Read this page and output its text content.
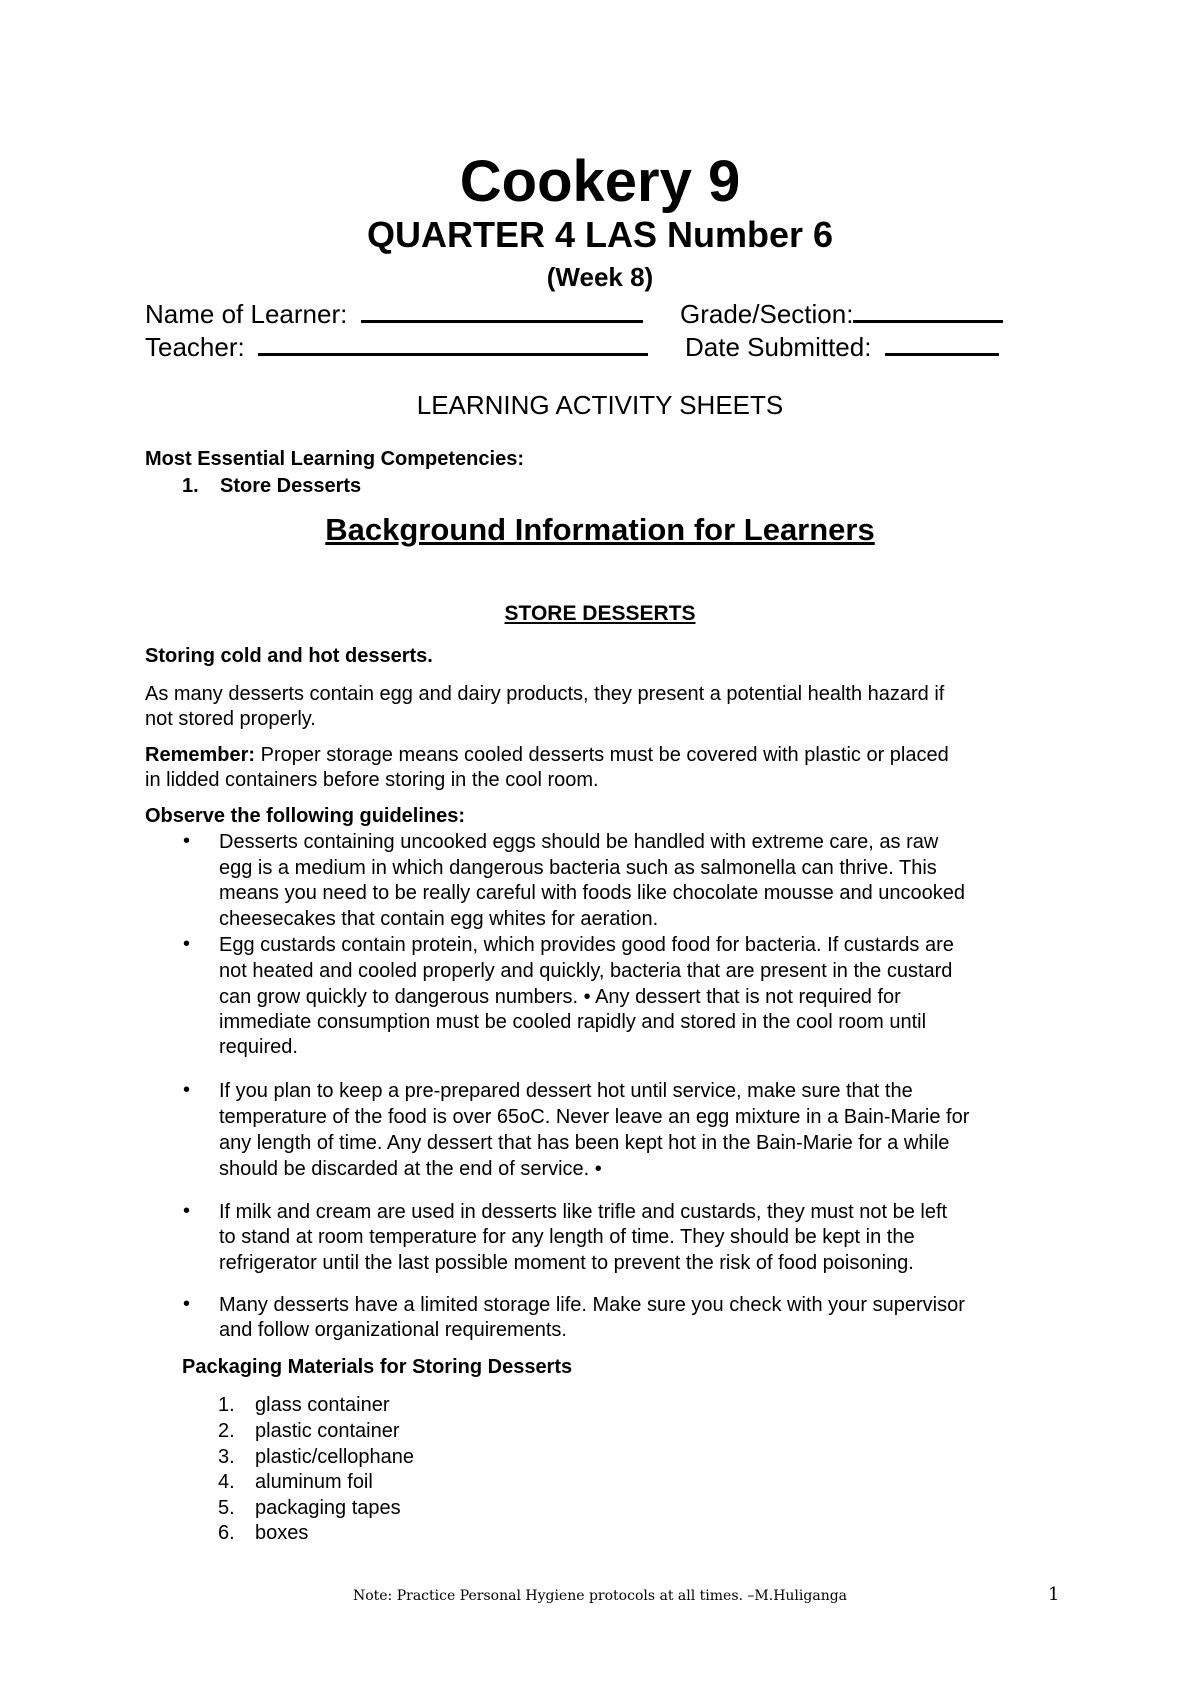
Cookery 9
QUARTER 4 LAS Number 6
(Week 8)
Name of Learner:	Grade/Section:
Teacher:	Date Submitted:
LEARNING ACTIVITY SHEETS
Most Essential Learning Competencies:
1. Store Desserts
Background Information for Learners
STORE DESSERTS
Storing cold and hot desserts.
As many desserts contain egg and dairy products, they present a potential health hazard if
not stored properly.
Remember: Proper storage means cooled desserts must be covered with plastic or placed
in lidded containers before storing in the cool room.
Observe the following guidelines:
• Desserts containing uncooked eggs should be handled with extreme care, as raw
egg is a medium in which dangerous bacteria such as salmonella can thrive. This
means you need to be really careful with foods like chocolate mousse and uncooked
cheesecakes that contain egg whites for aeration.
• Egg custards contain protein, which provides good food for bacteria. If custards are
not heated and cooled properly and quickly, bacteria that are present in the custard
can grow quickly to dangerous numbers. • Any dessert that is not required for
immediate consumption must be cooled rapidly and stored in the cool room until
required.
• If you plan to keep a pre-prepared dessert hot until service, make sure that the
temperature of the food is over 65oC. Never leave an egg mixture in a Bain-Marie for
any length of time. Any dessert that has been kept hot in the Bain-Marie for a while
should be discarded at the end of service. •
• If milk and cream are used in desserts like trifle and custards, they must not be left
to stand at room temperature for any length of time. They should be kept in the
refrigerator until the last possible moment to prevent the risk of food poisoning.
• Many desserts have a limited storage life. Make sure you check with your supervisor
and follow organizational requirements.
Packaging Materials for Storing Desserts
1. glass container
2. plastic container
3. plastic/cellophane
4. aluminum foil
5. packaging tapes
6. boxes
Note: Practice Personal Hygiene protocols at all times. –M.Huliganga	1
